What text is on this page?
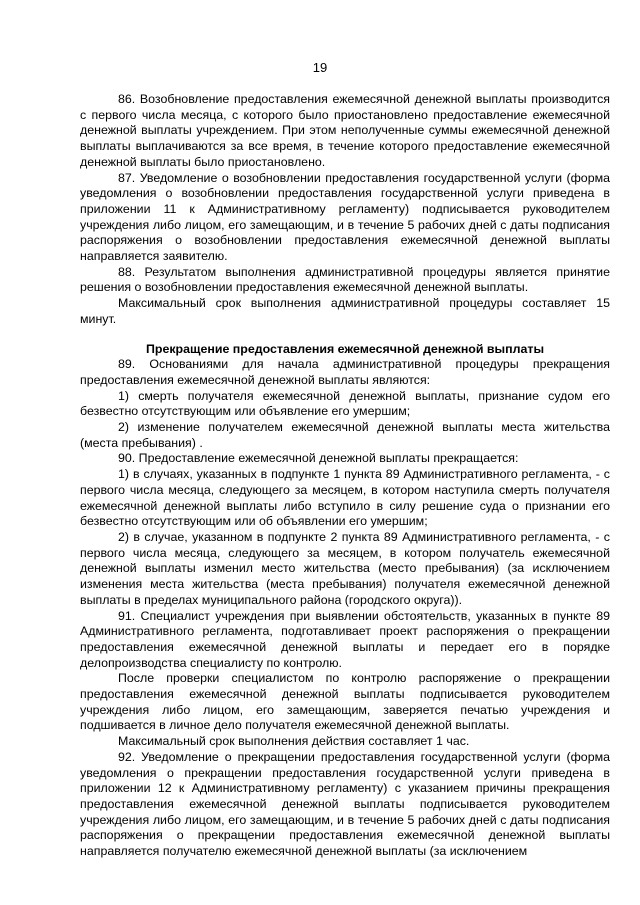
19

86. Возобновление предоставления ежемесячной денежной выплаты производится с первого числа месяца, с которого было приостановлено предоставление ежемесячной денежной выплаты учреждением. При этом неполученные суммы ежемесячной денежной выплаты выплачиваются за все время, в течение которого предоставление ежемесячной денежной выплаты было приостановлено.

87. Уведомление о возобновлении предоставления государственной услуги (форма уведомления о возобновлении предоставления государственной услуги приведена в приложении 11 к Административному регламенту) подписывается руководителем учреждения либо лицом, его замещающим, и в течение 5 рабочих дней с даты подписания распоряжения о возобновлении предоставления ежемесячной денежной выплаты направляется заявителю.

88. Результатом выполнения административной процедуры является принятие решения о возобновлении предоставления ежемесячной денежной выплаты.

Максимальный срок выполнения административной процедуры составляет 15 минут.

Прекращение предоставления ежемесячной денежной выплаты

89. Основаниями для начала административной процедуры прекращения предоставления ежемесячной денежной выплаты являются:

1) смерть получателя ежемесячной денежной выплаты, признание судом его безвестно отсутствующим или объявление его умершим;

2) изменение получателем ежемесячной денежной выплаты места жительства (места пребывания) .

90. Предоставление ежемесячной денежной выплаты прекращается:

1) в случаях, указанных в подпункте 1 пункта 89 Административного регламента, - с первого числа месяца, следующего за месяцем, в котором наступила смерть получателя ежемесячной денежной выплаты либо вступило в силу решение суда о признании его безвестно отсутствующим или об объявлении его умершим;

2) в случае, указанном в подпункте 2 пункта 89 Административного регламента, - с первого числа месяца, следующего за месяцем, в котором получатель ежемесячной денежной выплаты изменил место жительства (место пребывания) (за исключением изменения места жительства (места пребывания) получателя ежемесячной денежной выплаты в пределах муниципального района (городского округа)).

91. Специалист учреждения при выявлении обстоятельств, указанных в пункте 89 Административного регламента, подготавливает проект распоряжения о прекращении предоставления ежемесячной денежной выплаты и передает его в порядке делопроизводства специалисту по контролю.

После проверки специалистом по контролю распоряжение о прекращении предоставления ежемесячной денежной выплаты подписывается руководителем учреждения либо лицом, его замещающим, заверяется печатью учреждения и подшивается в личное дело получателя ежемесячной денежной выплаты.

Максимальный срок выполнения действия составляет 1 час.

92. Уведомление о прекращении предоставления государственной услуги (форма уведомления о прекращении предоставления государственной услуги приведена в приложении 12 к Административному регламенту) с указанием причины прекращения предоставления ежемесячной денежной выплаты подписывается руководителем учреждения либо лицом, его замещающим, и в течение 5 рабочих дней с даты подписания распоряжения о прекращении предоставления ежемесячной денежной выплаты направляется получателю ежемесячной денежной выплаты (за исключением
